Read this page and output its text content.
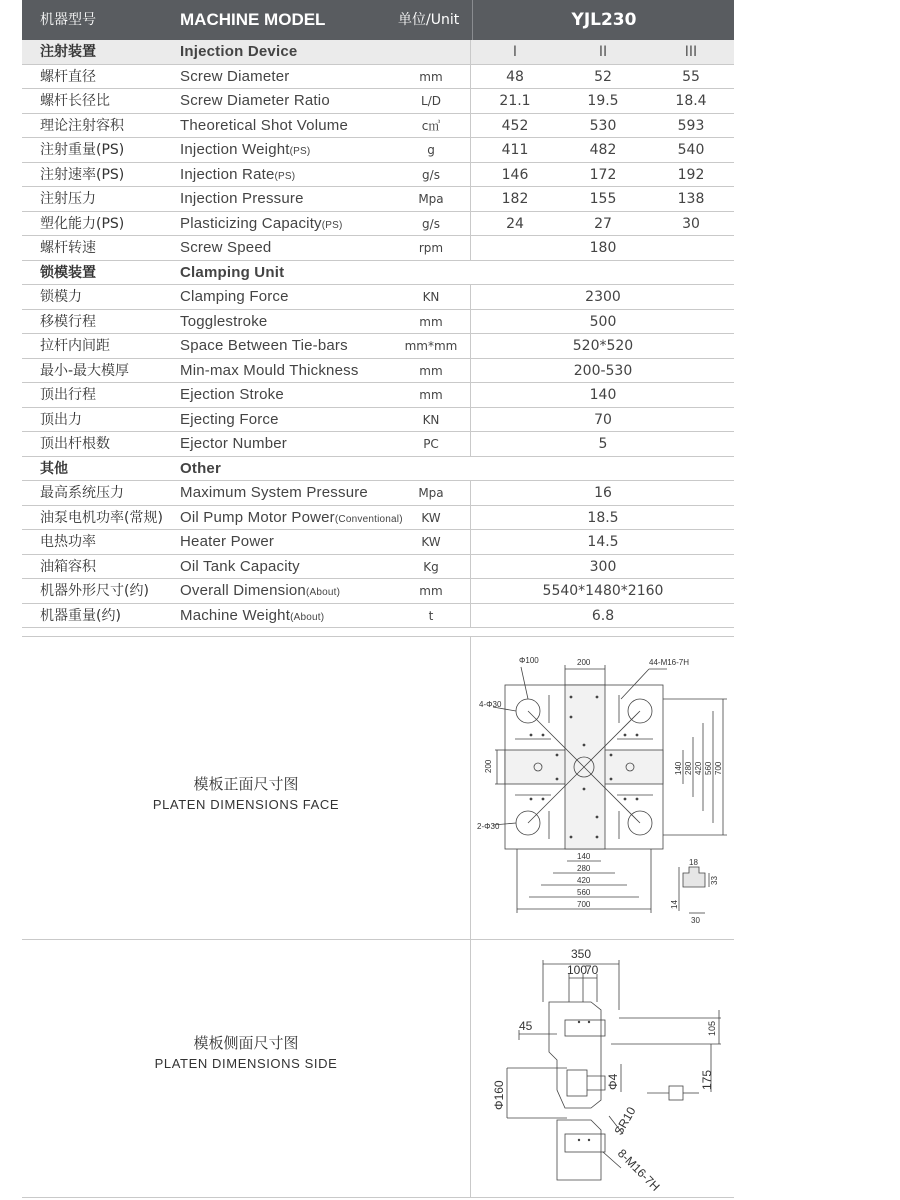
机器型号	MACHINE MODEL	单位/Unit	YJL230
注射装置	Injection Device	I	II	III
螺杆直径	Screw Diameter	mm	48	52	55
螺杆长径比	Screw Diameter Ratio	L/D	21.1	19.5	18.4
理论注射容积	Theoretical Shot Volume	c㎥	452	530	593
注射重量(PS)	Injection Weight(PS)	g	411	482	540
注射速率(PS)	Injection Rate(PS)	g/s	146	172	192
注射压力	Injection Pressure	Mpa	182	155	138
塑化能力(PS)	Plasticizing Capacity(PS)	g/s	24	27	30
螺杆转速	Screw Speed	rpm	180
锁模装置	Clamping Unit
锁模力	Clamping Force	KN	2300
移模行程	Togglestroke	mm	500
拉杆内间距	Space Between Tie-bars	mm*mm	520*520
最小-最大模厚	Min-max Mould Thickness	mm	200-530
顶出行程	Ejection Stroke	mm	140
顶出力	Ejecting Force	KN	70
顶出杆根数	Ejector Number	PC	5
其他	Other
最高系统压力	Maximum System Pressure	Mpa	16
油泵电机功率(常规) Oil Pump Motor Power(Conventional)	KW	18.5
电热功率	Heater Power	KW	14.5
油箱容积	Oil Tank Capacity	Kg	300
机器外形尺寸(约) Overall Dimension(About)	mm	5540*1480*2160
机器重量(约)	Machine Weight(About)	t	6.8
模板正面尺寸图
PLATEN DIMENSIONS FACE
Φ100	200	44-M16-7H
4-Φ30
200
2-Φ30
140 280 420 560 700
140
280
420
560
700
18
33
14
30
模板侧面尺寸图
PLATEN DIMENSIONS SIDE
350
100
70
45	105
175
Φ160	Φ4
SR10
8-M16-7H
